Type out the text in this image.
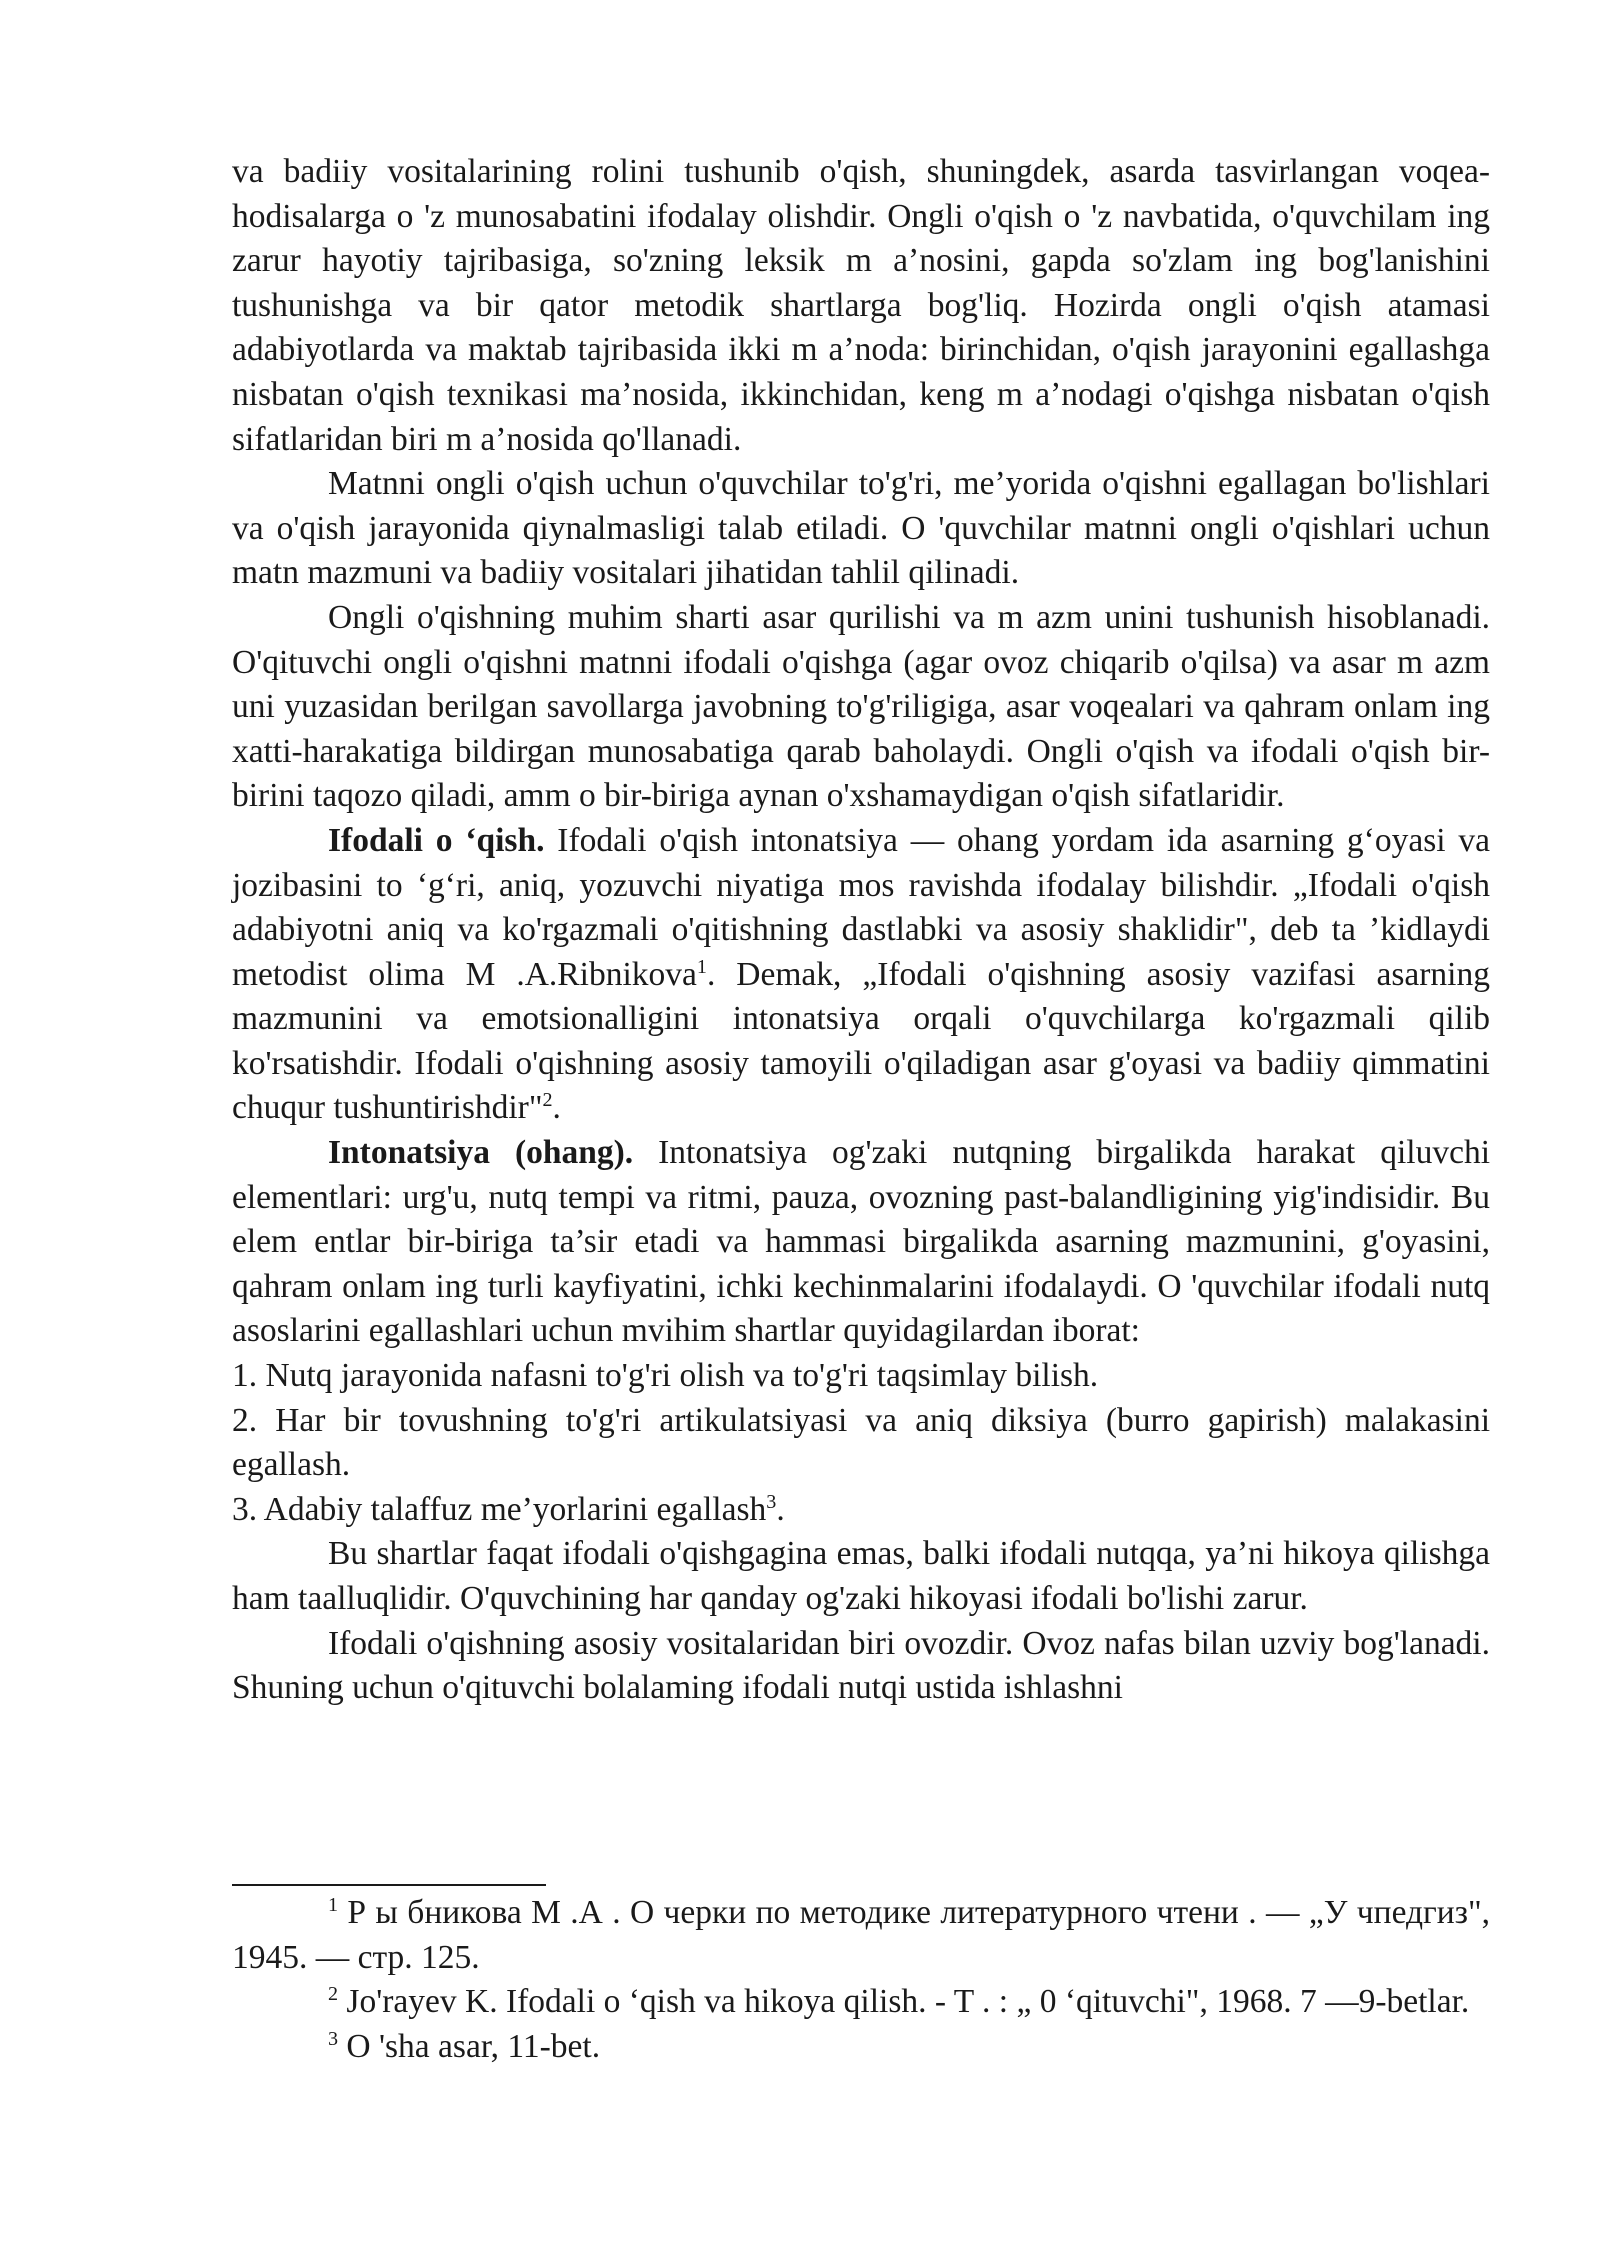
va badiiy vositalarining rolini tushunib o'qish, shuningdek, asarda tasvirlangan voqea-hodisalarga o 'z munosabatini ifodalay olishdir. Ongli o'qish o 'z navbatida, o'quvchilam ing zarur hayotiy tajribasiga, so'zning leksik m a’nosini, gapda so'zlam ing bog'lanishini tushunishga va bir qator metodik shartlarga bog'liq. Hozirda ongli o'qish atamasi adabiyotlarda va maktab tajribasida ikki m a’noda: birinchidan, o'qish jarayonini egallashga nisbatan o'qish texnikasi ma’nosida, ikkinchidan, keng m a’nodagi o'qishga nisbatan o'qish sifatlaridan biri m a’nosida qo'llanadi.

Matnni ongli o'qish uchun o'quvchilar to'g'ri, me’yorida o'qishni egallagan bo'lishlari va o'qish jarayonida qiynalmasligi talab etiladi. O 'quvchilar matnni ongli o'qishlari uchun matn mazmuni va badiiy vositalari jihatidan tahlil qilinadi.

Ongli o'qishning muhim sharti asar qurilishi va m azm unini tushunish hisoblanadi. O'qituvchi ongli o'qishni matnni ifodali o'qishga (agar ovoz chiqarib o'qilsa) va asar m azm uni yuzasidan berilgan savollarga javobning to'g'riligiga, asar voqealari va qahram onlam ing xatti-harakatiga bildirgan munosabatiga qarab baholaydi. Ongli o'qish va ifodali o'qish bir-birini taqozo qiladi, amm o bir-biriga aynan o'xshamaydigan o'qish sifatlaridir.

Ifodali o ‘qish. Ifodali o'qish intonatsiya — ohang yordam ida asarning g‘oyasi va jozibasini to ‘g‘ri, aniq, yozuvchi niyatiga mos ravishda ifodalay bilishdir. „Ifodali o'qish adabiyotni aniq va ko'rgazmali o'qitishning dastlabki va asosiy shaklidir", deb ta ’kidlaydi metodist olima M .A.Ribnikova$^1$. Demak, „Ifodali o'qishning asosiy vazifasi asarning mazmunini va emotsionalligini intonatsiya orqali o'quvchilarga ko'rgazmali qilib ko'rsatishdir. Ifodali o'qishning asosiy tamoyili o'qiladigan asar g'oyasi va badiiy qimmatini chuqur tushuntirishdir"$^2$.

Intonatsiya (ohang). Intonatsiya og'zaki nutqning birgalikda harakat qiluvchi elementlari: urg'u, nutq tempi va ritmi, pauza, ovozning past-balandligining yig'indisidir. Bu elem entlar bir-biriga ta’sir etadi va hammasi birgalikda asarning mazmunini, g'oyasini, qahram onlam ing turli kayfiyatini, ichki kechinmalarini ifodalaydi. O 'quvchilar ifodali nutq asoslarini egallashlari uchun mvihim shartlar quyidagilardan iborat:

1. Nutq jarayonida nafasni to'g'ri olish va to'g'ri taqsimlay bilish.

2. Har bir tovushning to'g'ri artikulatsiyasi va aniq diksiya (burro gapirish) malakasini egallash.

3. Adabiy talaffuz me’yorlarini egallash$^3$.

Bu shartlar faqat ifodali o'qishgagina emas, balki ifodali nutqqa, ya’ni hikoya qilishga ham taalluqlidir. O'quvchining har qanday og'zaki hikoyasi ifodali bo'lishi zarur.

Ifodali o'qishning asosiy vositalaridan biri ovozdir. Ovoz nafas bilan uzviy bog'lanadi. Shuning uchun o'qituvchi bolalaming ifodali nutqi ustida ishlashni

$^1$ Р ы бникова М .А . О черки по методике литературного чтени . — „У чпедгиз", 1945. — стр. 125.

$^2$ Jo'rayev K. Ifodali o ‘qish va hikoya qilish. - T . : „ 0 ‘qituvchi", 1968. 7 —9-betlar.

$^3$ O 'sha asar, 11-bet.
